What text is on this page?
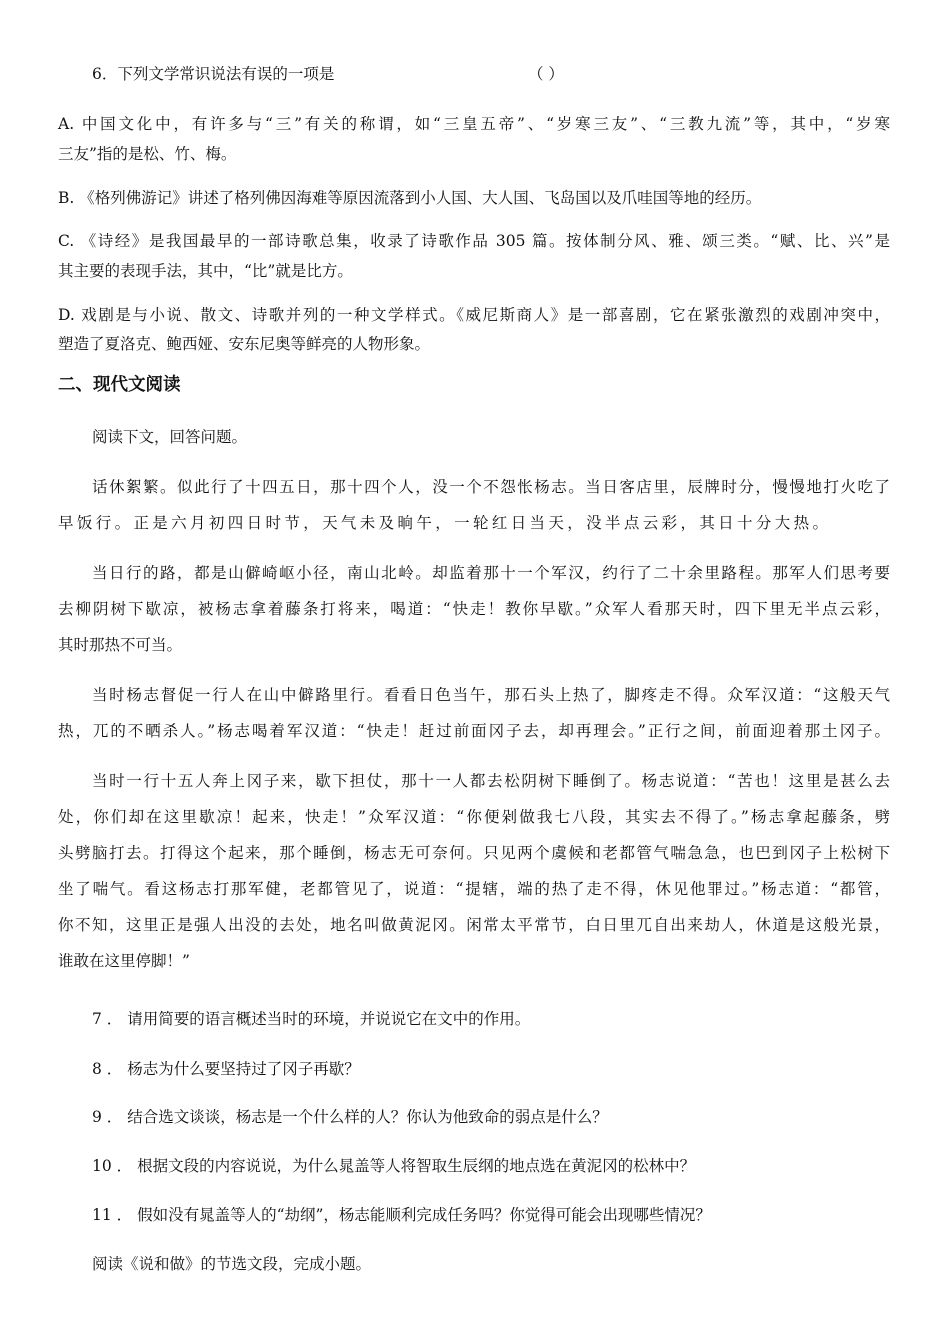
6．下列文学常识说法有误的一项是	（ ）

A. 中国文化中，有许多与“三”有关的称谓，如“三皇五帝”、“岁寒三友”、“三教九流”等，其中，“岁寒

三友”指的是松、竹、梅。

B. 《格列佛游记》讲述了格列佛因海难等原因流落到小人国、大人国、飞岛国以及爪哇国等地的经历。

C. 《诗经》是我国最早的一部诗歌总集，收录了诗歌作品 305 篇。按体制分风、雅、颂三类。“赋、比、兴”是

其主要的表现手法，其中，“比”就是比方。

D. 戏剧是与小说、散文、诗歌并列的一种文学样式。《威尼斯商人》是一部喜剧，它在紧张激烈的戏剧冲突中，

塑造了夏洛克、鲍西娅、安东尼奥等鲜亮的人物形象。

二、现代文阅读

阅读下文，回答问题。

话休絮繁。似此行了十四五日，那十四个人，没一个不怨怅杨志。当日客店里，辰牌时分，慢慢地打火吃了

早饭行。正是六月初四日时节，天气未及晌午，一轮红日当天，没半点云彩，其日十分大热。

当日行的路，都是山僻崎岖小径，南山北岭。却监着那十一个军汉，约行了二十余里路程。那军人们思考要

去柳阴树下歇凉，被杨志拿着藤条打将来，喝道：“快走！教你早歇。”众军人看那天时，四下里无半点云彩，

其时那热不可当。

当时杨志督促一行人在山中僻路里行。看看日色当午，那石头上热了，脚疼走不得。众军汉道：“这般天气

热，兀的不晒杀人。”杨志喝着军汉道：“快走！赶过前面冈子去，却再理会。”正行之间，前面迎着那土冈子。

当时一行十五人奔上冈子来，歇下担仗，那十一人都去松阴树下睡倒了。杨志说道：“苦也！这里是甚么去

处，你们却在这里歇凉！起来，快走！”众军汉道：“你便剁做我七八段，其实去不得了。”杨志拿起藤条，劈

头劈脑打去。打得这个起来，那个睡倒，杨志无可奈何。只见两个虞候和老都管气喘急急，也巴到冈子上松树下

坐了喘气。看这杨志打那军健，老都管见了，说道：“提辖，端的热了走不得，休见他罪过。”杨志道：“都管，

你不知，这里正是强人出没的去处，地名叫做黄泥冈。闲常太平常节，白日里兀自出来劫人，休道是这般光景，

谁敢在这里停脚！”

7 ． 请用简要的语言概述当时的环境，并说说它在文中的作用。

8 ． 杨志为什么要坚持过了冈子再歇？

9 ． 结合选文谈谈，杨志是一个什么样的人？你认为他致命的弱点是什么？

10 ． 根据文段的内容说说，为什么晁盖等人将智取生辰纲的地点选在黄泥冈的松林中？

11 ． 假如没有晁盖等人的“劫纲”，杨志能顺利完成任务吗？你觉得可能会出现哪些情况？

阅读《说和做》的节选文段，完成小题。
